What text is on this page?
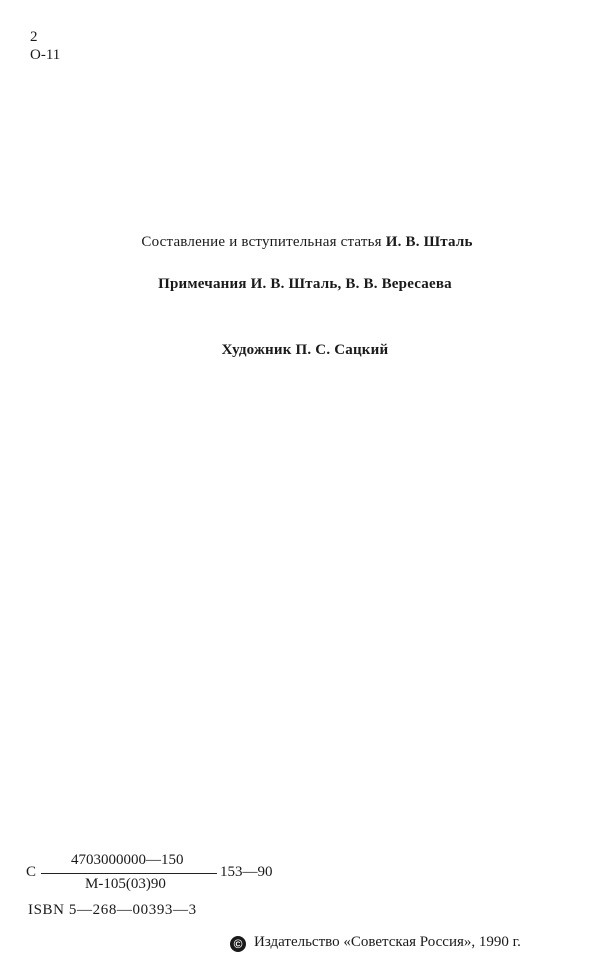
2
О-11
Составление и вступительная статья И. В. Шталь
Примечания И. В. Шталь, В. В. Вересаева
Художник П. С. Сацкий
С
4703000000—150
М-105(03)90
153—90
ISBN 5—268—00393—3
© Издательство «Советская Россия», 1990 г.
